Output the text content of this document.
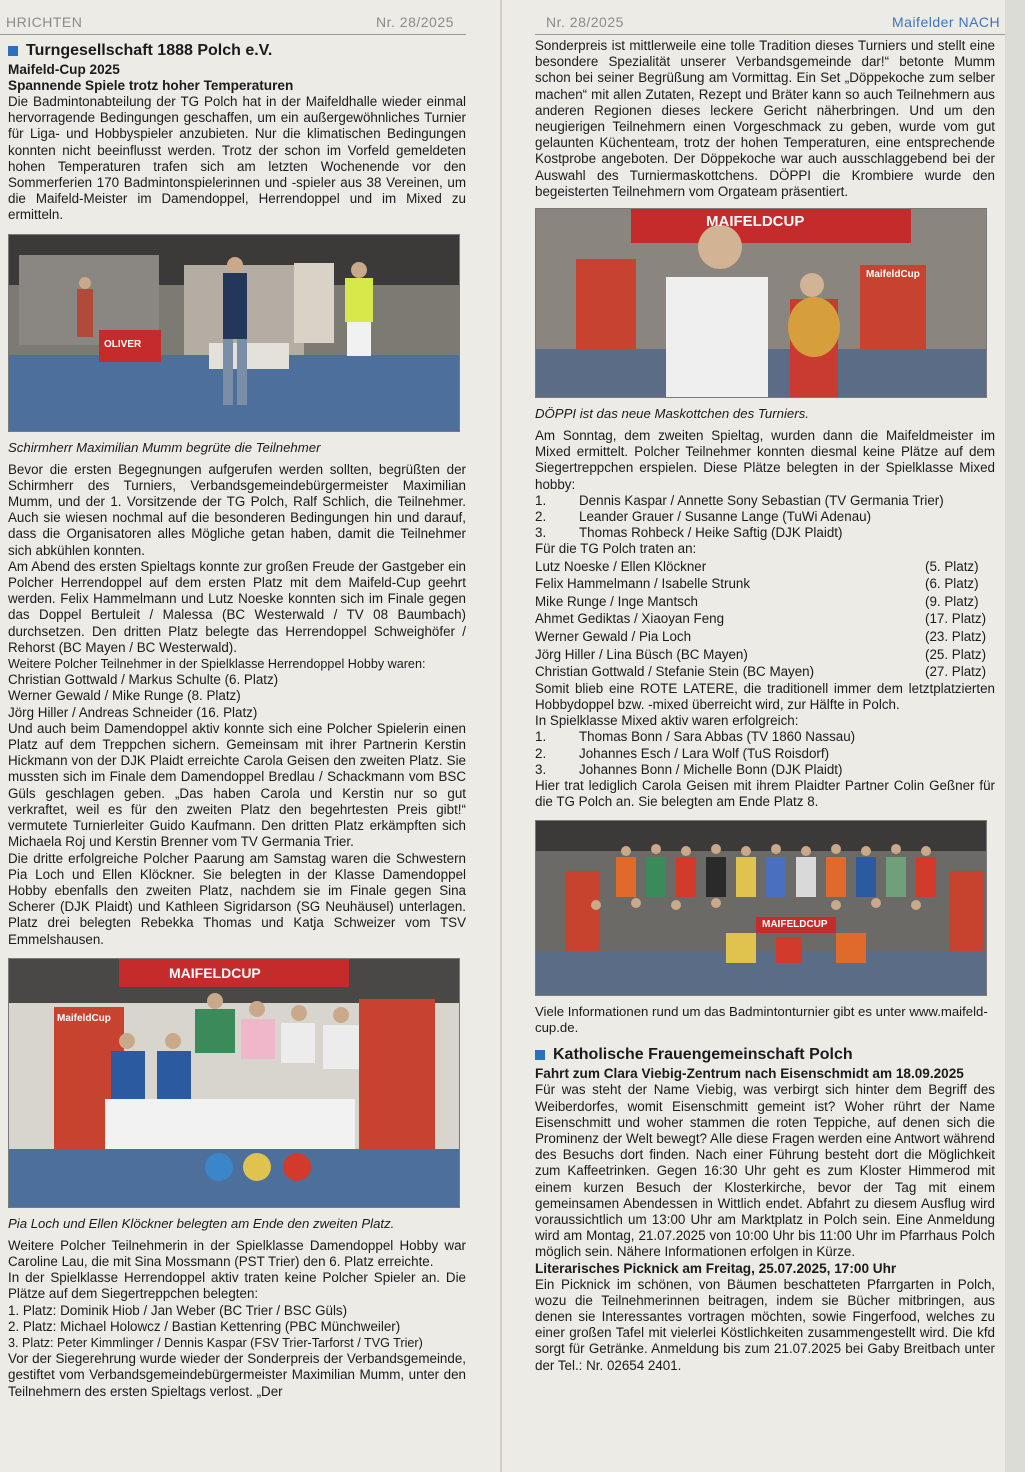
HRICHTEN	Nr. 28/2025	Nr. 28/2025	Maifelder NACH
Turngesellschaft 1888 Polch e.V.

Maifeld-Cup 2025

Spannende Spiele trotz hoher Temperaturen

Die Badmintonabteilung der TG Polch hat in der Maifeldhalle wieder einmal hervorragende Bedingungen geschaffen, um ein außergewöhnliches Turnier für Liga- und Hobbyspieler anzubieten. Nur die klimatischen Bedingungen konnten nicht beeinflusst werden. Trotz der schon im Vorfeld gemeldeten hohen Temperaturen trafen sich am letzten Wochenende vor den Sommerferien 170 Badmintonspielerinnen und -spieler aus 38 Vereinen, um die Maifeld-Meister im Damendoppel, Herrendoppel und im Mixed zu ermitteln.

OLIVER

Schirmherr Maximilian Mumm begrüte die Teilnehmer

Bevor die ersten Begegnungen aufgerufen werden sollten, begrüßten der Schirmherr des Turniers, Verbandsgemeindebürgermeister Maximilian Mumm, und der 1. Vorsitzende der TG Polch, Ralf Schlich, die Teilnehmer. Auch sie wiesen nochmal auf die besonderen Bedingungen hin und darauf, dass die Organisatoren alles Mögliche getan haben, damit die Teilnehmer sich abkühlen konnten.

Am Abend des ersten Spieltags konnte zur großen Freude der Gastgeber ein Polcher Herrendoppel auf dem ersten Platz mit dem Maifeld-Cup geehrt werden. Felix Hammelmann und Lutz Noeske konnten sich im Finale gegen das Doppel Bertuleit / Malessa (BC Westerwald / TV 08 Baumbach) durchsetzen. Den dritten Platz belegte das Herrendoppel Schweighöfer / Rehorst (BC Mayen / BC Westerwald).

Weitere Polcher Teilnehmer in der Spielklasse Herrendoppel Hobby waren:
Christian Gottwald / Markus Schulte (6. Platz)
Werner Gewald / Mike Runge (8. Platz)
Jörg Hiller / Andreas Schneider (16. Platz)

Und auch beim Damendoppel aktiv konnte sich eine Polcher Spielerin einen Platz auf dem Treppchen sichern. Gemeinsam mit ihrer Partnerin Kerstin Hickmann von der DJK Plaidt erreichte Carola Geisen den zweiten Platz. Sie mussten sich im Finale dem Damendoppel Bredlau / Schackmann vom BSC Güls geschlagen geben. „Das haben Carola und Kerstin nur so gut verkraftet, weil es für den zweiten Platz den begehrtesten Preis gibt!“ vermutete Turnierleiter Guido Kaufmann. Den dritten Platz erkämpften sich Michaela Roj und Kerstin Brenner vom TV Germania Trier.

Die dritte erfolgreiche Polcher Paarung am Samstag waren die Schwestern Pia Loch und Ellen Klöckner. Sie belegten in der Klasse Damendoppel Hobby ebenfalls den zweiten Platz, nachdem sie im Finale gegen Sina Scherer (DJK Plaidt) und Kathleen Sigridarson (SG Neuhäusel) unterlagen. Platz drei belegten Rebekka Thomas und Katja Schweizer vom TSV Emmelshausen.

MAIFELDCUP
MaifeldCup

Pia Loch und Ellen Klöckner belegten am Ende den zweiten Platz.

Weitere Polcher Teilnehmerin in der Spielklasse Damendoppel Hobby war Caroline Lau, die mit Sina Mossmann (PST Trier) den 6. Platz erreichte.

In der Spielklasse Herrendoppel aktiv traten keine Polcher Spieler an. Die Plätze auf dem Siegertreppchen belegten:

1. Platz: Dominik Hiob / Jan Weber (BC Trier / BSC Güls)
2. Platz: Michael Holowcz / Bastian Kettenring (PBC Münchweiler)
3. Platz: Peter Kimmlinger / Dennis Kaspar (FSV Trier-Tarforst / TVG Trier)

Vor der Siegerehrung wurde wieder der Sonderpreis der Verbandsgemeinde, gestiftet vom Verbandsgemeindebürgermeister Maximilian Mumm, unter den Teilnehmern des ersten Spieltags verlost. „Der

Sonderpreis ist mittlerweile eine tolle Tradition dieses Turniers und stellt eine besondere Spezialität unserer Verbandsgemeinde dar!“ betonte Mumm schon bei seiner Begrüßung am Vormittag. Ein Set „Döppekoche zum selber machen“ mit allen Zutaten, Rezept und Bräter kann so auch Teilnehmern aus anderen Regionen dieses leckere Gericht näherbringen. Und um den neugierigen Teilnehmern einen Vorgeschmack zu geben, wurde vom gut gelaunten Küchenteam, trotz der hohen Temperaturen, eine entsprechende Kostprobe angeboten. Der Döppekoche war auch ausschlaggebend bei der Auswahl des Turniermaskottchens. DÖPPI die Krombiere wurde den begeisterten Teilnehmern vom Orgateam präsentiert.

MAIFELDCUP
MaifeldCup

DÖPPI ist das neue Maskottchen des Turniers.

Am Sonntag, dem zweiten Spieltag, wurden dann die Maifeldmeister im Mixed ermittelt. Polcher Teilnehmer konnten diesmal keine Plätze auf dem Siegertreppchen erspielen. Diese Plätze belegten in der Spielklasse Mixed hobby:

1.	Dennis Kaspar / Annette Sony Sebastian (TV Germania Trier)
2.	Leander Grauer / Susanne Lange (TuWi Adenau)
3.	Thomas Rohbeck / Heike Saftig (DJK Plaidt)
Für die TG Polch traten an:
Lutz Noeske / Ellen Klöckner	(5. Platz)
Felix Hammelmann / Isabelle Strunk	(6. Platz)
Mike Runge / Inge Mantsch	(9. Platz)
Ahmet Gediktas / Xiaoyan Feng	(17. Platz)
Werner Gewald / Pia Loch	(23. Platz)
Jörg Hiller / Lina Büsch (BC Mayen)	(25. Platz)
Christian Gottwald / Stefanie Stein (BC Mayen)	(27. Platz)

Somit blieb eine ROTE LATERE, die traditionell immer dem letztplatzierten Hobbydoppel bzw. -mixed überreicht wird, zur Hälfte in Polch.

In Spielklasse Mixed aktiv waren erfolgreich:
1.	Thomas Bonn / Sara Abbas (TV 1860 Nassau)
2.	Johannes Esch / Lara Wolf (TuS Roisdorf)
3.	Johannes Bonn / Michelle Bonn (DJK Plaidt)

Hier trat lediglich Carola Geisen mit ihrem Plaidter Partner Colin Geßner für die TG Polch an. Sie belegten am Ende Platz 8.

MAIFELDCUP

Viele Informationen rund um das Badmintonturnier gibt es unter www.maifeld-cup.de.

Katholische Frauengemeinschaft Polch

Fahrt zum Clara Viebig-Zentrum nach Eisenschmidt am 18.09.2025

Für was steht der Name Viebig, was verbirgt sich hinter dem Begriff des Weiberdorfes, womit Eisenschmitt gemeint ist? Woher rührt der Name Eisenschmitt und woher stammen die roten Teppiche, auf denen sich die Prominenz der Welt bewegt? Alle diese Fragen werden eine Antwort während des Besuchs dort finden. Nach einer Führung besteht dort die Möglichkeit zum Kaffeetrinken. Gegen 16:30 Uhr geht es zum Kloster Himmerod mit einem kurzen Besuch der Klosterkirche, bevor der Tag mit einem gemeinsamen Abendessen in Wittlich endet. Abfahrt zu diesem Ausflug wird voraussichtlich um 13:00 Uhr am Marktplatz in Polch sein. Eine Anmeldung wird am Montag, 21.07.2025 von 10:00 Uhr bis 11:00 Uhr im Pfarrhaus Polch möglich sein. Nähere Informationen erfolgen in Kürze.

Literarisches Picknick am Freitag, 25.07.2025, 17:00 Uhr

Ein Picknick im schönen, von Bäumen beschatteten Pfarrgarten in Polch, wozu die Teilnehmerinnen beitragen, indem sie Bücher mitbringen, aus denen sie Interessantes vortragen möchten, sowie Fingerfood, welches zu einer großen Tafel mit vielerlei Köstlichkeiten zusammengestellt wird. Die kfd sorgt für Getränke. Anmeldung bis zum 21.07.2025 bei Gaby Breitbach unter der Tel.: Nr. 02654 2401.
